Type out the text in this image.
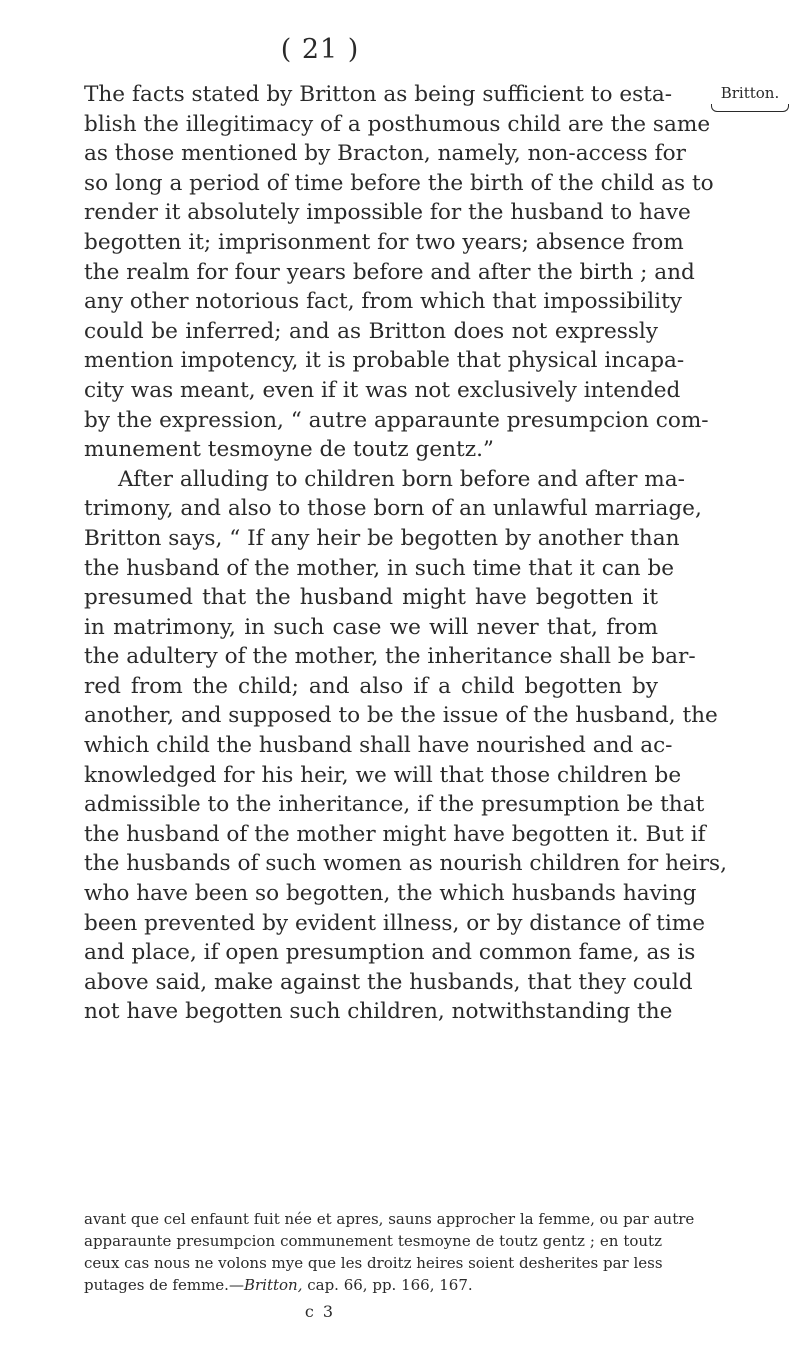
( 21 )
Britton.
The facts stated by Britton as being sufficient to esta-
blish the illegitimacy of a posthumous child are the same
as those mentioned by Bracton, namely, non-access for
so long a period of time before the birth of the child as to
render it absolutely impossible for the husband to have
begotten it; imprisonment for two years; absence from
the realm for four years before and after the birth ; and
any other notorious fact, from which that impossibility
could be inferred; and as Britton does not expressly
mention impotency, it is probable that physical incapa-
city was meant, even if it was not exclusively intended
by the expression, “ autre apparaunte presumpcion com-
munement tesmoyne de toutz gentz.”
After alluding to children born before and after ma-
trimony, and also to those born of an unlawful marriage,
Britton says, “ If any heir be begotten by another than
the husband of the mother, in such time that it can be
presumed that the husband might have begotten it
in matrimony, in such case we will never that, from
the adultery of the mother, the inheritance shall be bar-
red from the child; and also if a child begotten by
another, and supposed to be the issue of the husband, the
which child the husband shall have nourished and ac-
knowledged for his heir, we will that those children be
admissible to the inheritance, if the presumption be that
the husband of the mother might have begotten it. But if
the husbands of such women as nourish children for heirs,
who have been so begotten, the which husbands having
been prevented by evident illness, or by distance of time
and place, if open presumption and common fame, as is
above said, make against the husbands, that they could
not have begotten such children, notwithstanding the
avant que cel enfaunt fuit née et apres, sauns approcher la femme, ou par autre
apparaunte presumpcion communement tesmoyne de toutz gentz ; en toutz
ceux cas nous ne volons mye que les droitz heires soient desherites par less
putages de femme.—Britton, cap. 66, pp. 166, 167.
c 3
